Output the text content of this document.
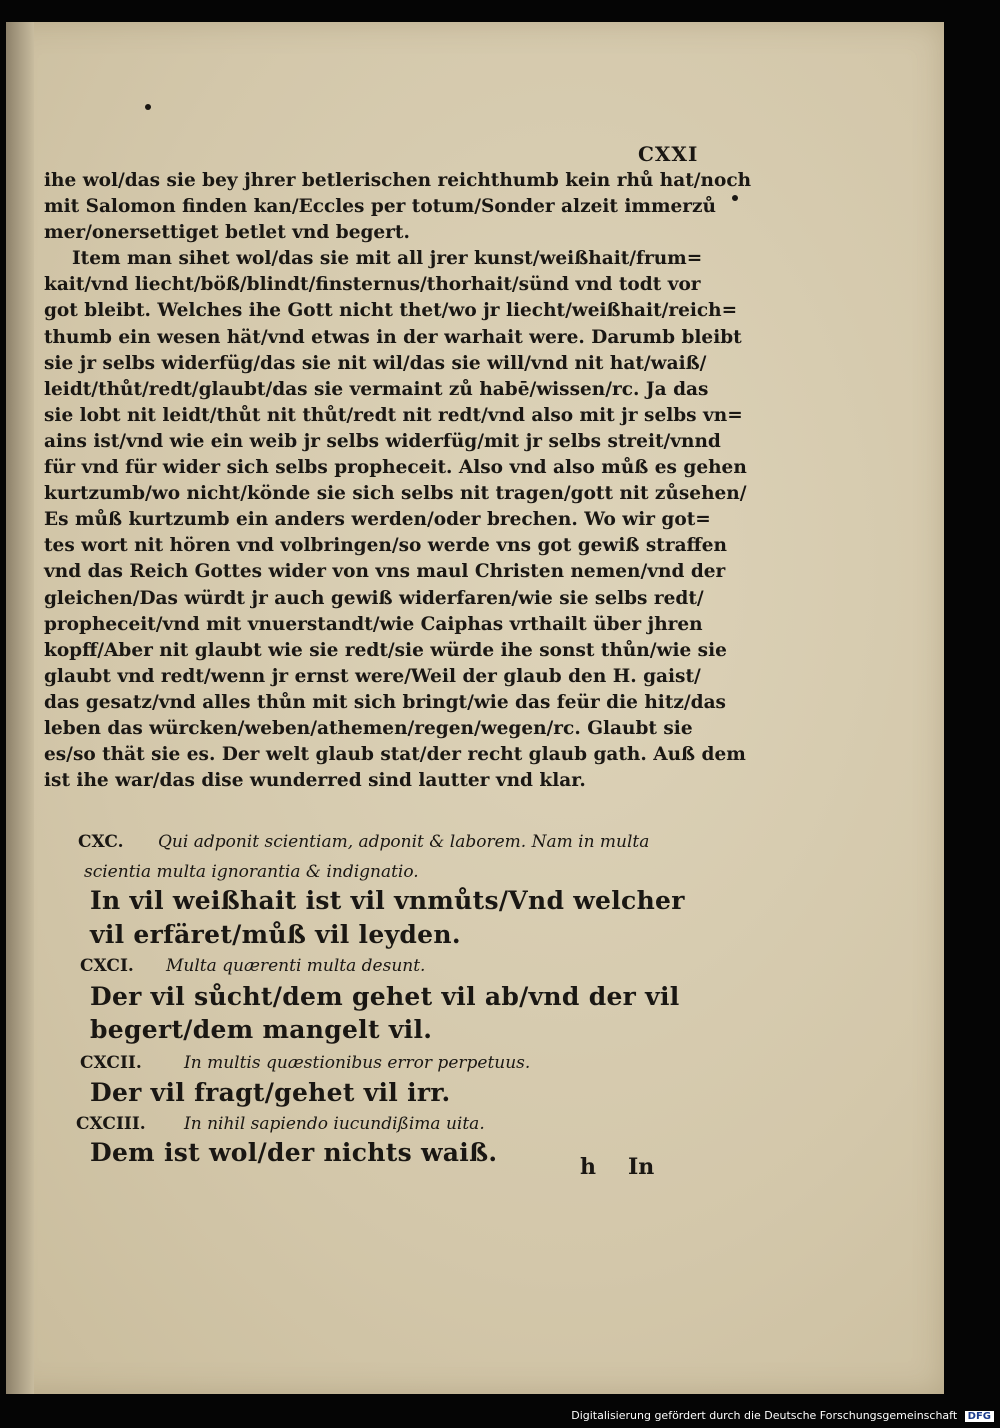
CXXI
ihe wol/das sie bey jhrer betlerischen reichthumb kein rhů hat/noch
mit Salomon finden kan/Eccles per totum/Sonder alzeit immerzů
mer/onersettiget betlet vnd begert.
Item man sihet wol/das sie mit all jrer kunst/weißhait/frum=
kait/vnd liecht/böß/blindt/finsternus/thorhait/sünd vnd todt vor
got bleibt. Welches ihe Gott nicht thet/wo jr liecht/weißhait/reich=
thumb ein wesen hät/vnd etwas in der warhait were. Darumb bleibt
sie jr selbs widerfüg/das sie nit wil/das sie will/vnd nit hat/waiß/
leidt/thůt/redt/glaubt/das sie vermaint zů habē/wissen/rc. Ja das
sie lobt nit leidt/thůt nit thůt/redt nit redt/vnd also mit jr selbs vn=
ains ist/vnd wie ein weib jr selbs widerfüg/mit jr selbs streit/vnnd
für vnd für wider sich selbs propheceit. Also vnd also můß es gehen
kurtzumb/wo nicht/könde sie sich selbs nit tragen/gott nit zůsehen/
Es můß kurtzumb ein anders werden/oder brechen. Wo wir got=
tes wort nit hören vnd volbringen/so werde vns got gewiß straffen
vnd das Reich Gottes wider von vns maul Christen nemen/vnd der
gleichen/Das würdt jr auch gewiß widerfaren/wie sie selbs redt/
propheceit/vnd mit vnuerstandt/wie Caiphas vrthailt über jhren
kopff/Aber nit glaubt wie sie redt/sie würde ihe sonst thůn/wie sie
glaubt vnd redt/wenn jr ernst were/Weil der glaub den H. gaist/
das gesatz/vnd alles thůn mit sich bringt/wie das feür die hitz/das
leben das würcken/weben/athemen/regen/wegen/rc. Glaubt sie
es/so thät sie es. Der welt glaub stat/der recht glaub gath. Auß dem
ist ihe war/das dise wunderred sind lautter vnd klar.
CXC. Qui adponit scientiam, adponit & laborem. Nam in multa
scientia multa ignorantia & indignatio.
In vil weißhait ist vil vnmůts/Vnd welcher
vil erfäret/můß vil leyden.
CXCI. Multa quærenti multa desunt.
Der vil sůcht/dem gehet vil ab/vnd der vil
begert/dem mangelt vil.
CXCII. In multis quæstionibus error perpetuus.
Der vil fragt/gehet vil irr.
CXCIII. In nihil sapiendo iucundißima uita.
Dem ist wol/der nichts waiß.	h In
Digitalisierung gefördert durch die Deutsche Forschungsgemeinschaft DFG
